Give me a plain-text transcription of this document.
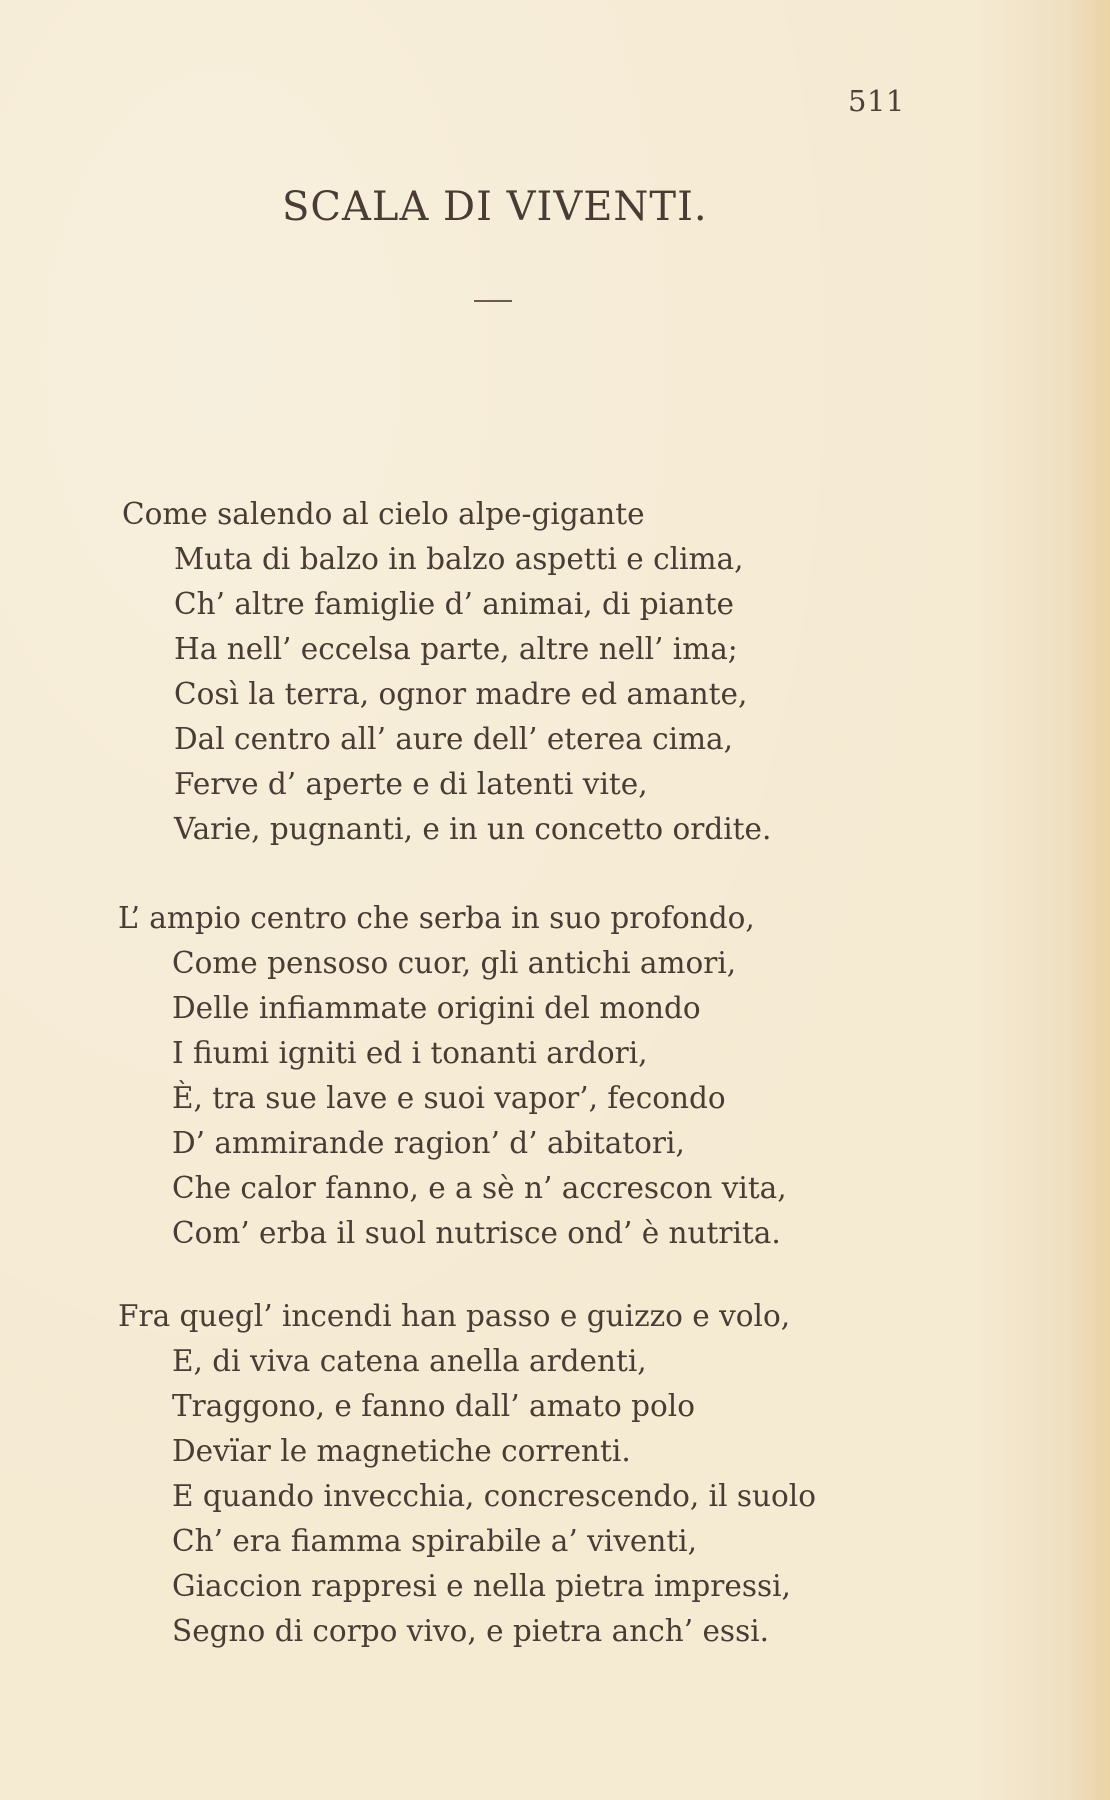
511
SCALA DI VIVENTI.
Come salendo al cielo alpe-gigante
Muta di balzo in balzo aspetti e clima,
Ch’ altre famiglie d’ animai, di piante
Ha nell’ eccelsa parte, altre nell’ ima;
Così la terra, ognor madre ed amante,
Dal centro all’ aure dell’ eterea cima,
Ferve d’ aperte e di latenti vite,
Varie, pugnanti, e in un concetto ordite.
L’ ampio centro che serba in suo profondo,
Come pensoso cuor, gli antichi amori,
Delle infiammate origini del mondo
I fiumi igniti ed i tonanti ardori,
È, tra sue lave e suoi vapor’, fecondo
D’ ammirande ragion’ d’ abitatori,
Che calor fanno, e a sè n’ accrescon vita,
Com’ erba il suol nutrisce ond’ è nutrita.
Fra quegl’ incendi han passo e guizzo e volo,
E, di viva catena anella ardenti,
Traggono, e fanno dall’ amato polo
Devïar le magnetiche correnti.
E quando invecchia, concrescendo, il suolo
Ch’ era fiamma spirabile a’ viventi,
Giaccion rappresi e nella pietra impressi,
Segno di corpo vivo, e pietra anch’ essi.
